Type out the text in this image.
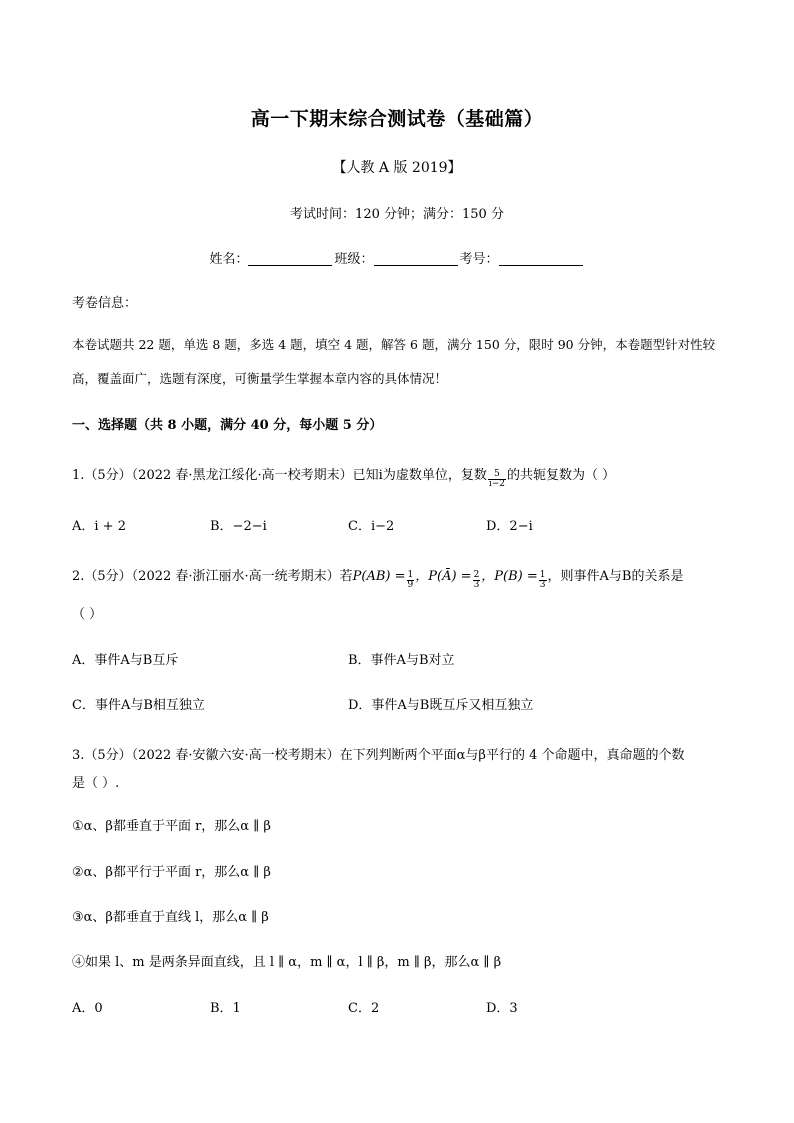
高一下期末综合测试卷（基础篇）
【人教 A 版 2019】
考试时间：120 分钟；满分：150 分
姓名：	班级：	考号：
考卷信息：
本卷试题共 22 题，单选 8 题，多选 4 题，填空 4 题，解答 6 题，满分 150 分，限时 90 分钟，本卷题型针对性较高，覆盖面广，选题有深度，可衡量学生掌握本章内容的具体情况！
一、选择题（共 8 小题，满分 40 分，每小题 5 分）
1.（5分）（2022 春·黑龙江绥化·高一校考期末）已知i为虚数单位，复数 $\frac{5}{i-2}$ 的共轭复数为（ ）
A．i + 2	B．−2−i	C．i−2	D．2−i
2.（5分）（2022 春·浙江丽水·高一统考期末）若$P(AB) = \frac{1}{9}$ ，P(Ā) = $\frac{2}{3}$ ，$P(B) = \frac{1}{3}$ ，则事件A与B的关系是
（ ）
A．事件A与B互斥	B．事件A与B对立
C．事件A与B相互独立	D．事件A与B既互斥又相互独立
3.（5分）（2022 春·安徽六安·高一校考期末）在下列判断两个平面α与β平行的 4 个命题中，真命题的个数
是（ ）.
①α、β都垂直于平面 r，那么α ∥ β
②α、β都平行于平面 r，那么α ∥ β
③α、β都垂直于直线 l，那么α ∥ β
④如果 l、m 是两条异面直线，且 l ∥ α，m ∥ α，l ∥ β，m ∥ β，那么α ∥ β
A．0	B．1	C．2	D．3
